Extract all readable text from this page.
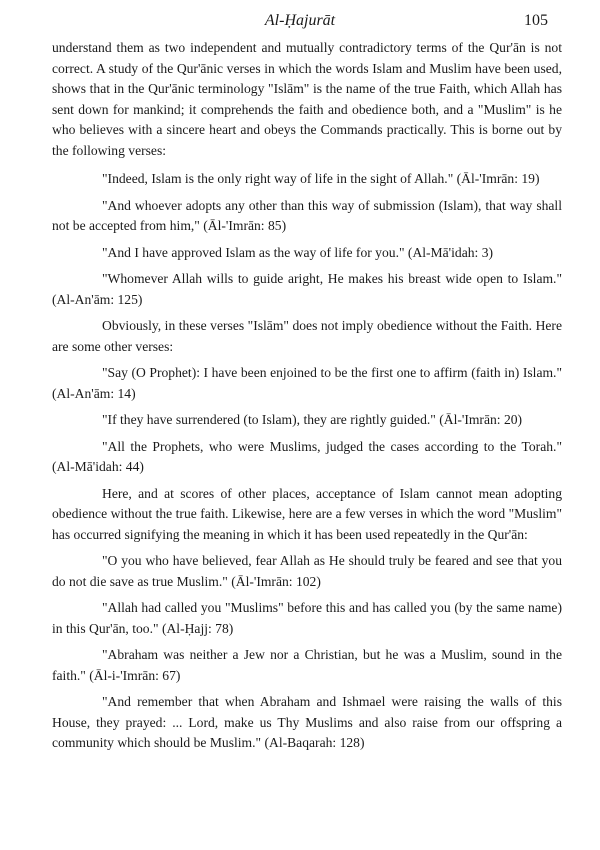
Al-Ḥajurāt	105

understand them as two independent and mutually contradictory terms of the Qur'ān is not correct. A study of the Qur'ānic verses in which the words Islam and Muslim have been used, shows that in the Qur'ānic terminology "Islām" is the name of the true Faith, which Allah has sent down for mankind; it comprehends the faith and obedience both, and a "Muslim" is he who believes with a sincere heart and obeys the Commands practically. This is borne out by the following verses:

"Indeed, Islam is the only right way of life in the sight of Allah." (Āl-'Imrān: 19)

"And whoever adopts any other than this way of submission (Islam), that way shall not be accepted from him," (Āl-'Imrān: 85)

"And I have approved Islam as the way of life for you." (Al-Mā'idah: 3)

"Whomever Allah wills to guide aright, He makes his breast wide open to Islam." (Al-An'ām: 125)

Obviously, in these verses "Islām" does not imply obedience without the Faith. Here are some other verses:

"Say (O Prophet): I have been enjoined to be the first one to affirm (faith in) Islam."(Al-An'ām: 14)

"If they have surrendered (to Islam), they are rightly guided." (Āl-'Imrān: 20)

"All the Prophets, who were Muslims, judged the cases according to the Torah." (Al-Mā'idah: 44)

Here, and at scores of other places, acceptance of Islam cannot mean adopting obedience without the true faith. Likewise, here are a few verses in which the word "Muslim" has occurred signifying the meaning in which it has been used repeatedly in the Qur'ān:

"O you who have believed, fear Allah as He should truly be feared and see that you do not die save as true Muslim." (Āl-'Imrān: 102)

"Allah had called you "Muslims" before this and has called you (by the same name) in this Qur'ān, too." (Al-Ḥajj: 78)

"Abraham was neither a Jew nor a Christian, but he was a Muslim, sound in the faith." (Āl-i-'Imrān: 67)

"And remember that when Abraham and Ishmael were raising the walls of this House, they prayed: ... Lord, make us Thy Muslims and also raise from our offspring a community which should be Muslim." (Al-Baqarah: 128)
